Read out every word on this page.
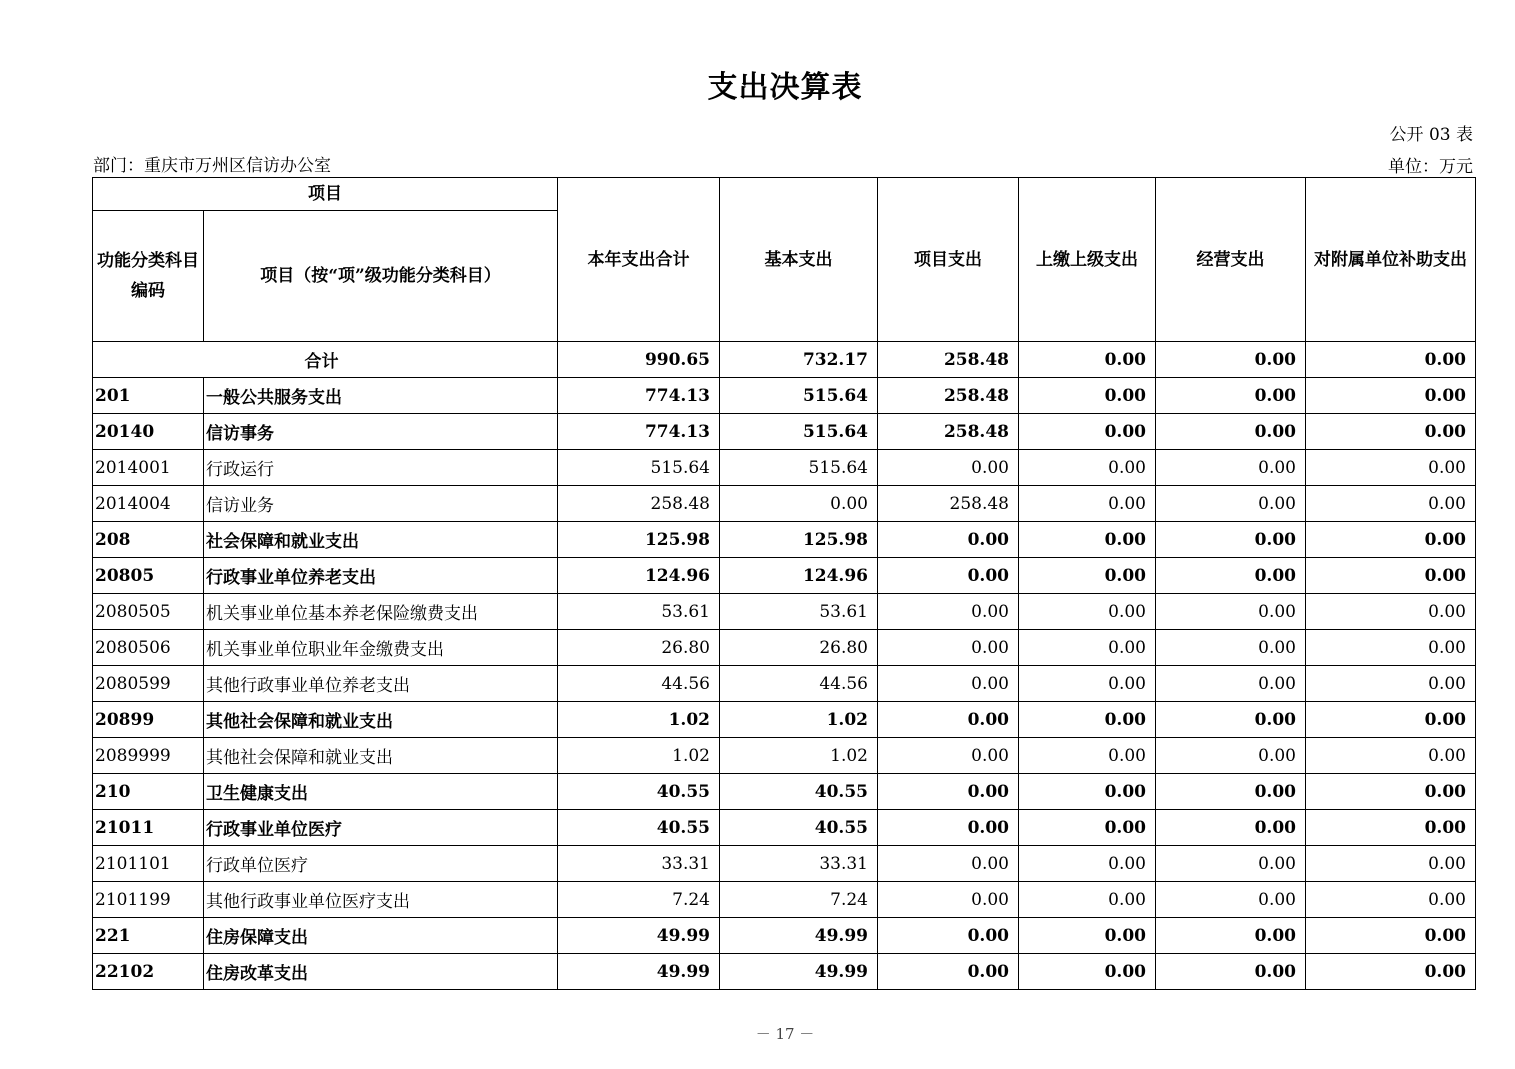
支出决算表
公开 03 表
部门：重庆市万州区信访办公室	单位：万元
项目		本年支出合计	基本支出	项目支出	上缴上级支出	经营支出	对附属单位补助支出
功能分类科目编码	项目（按“项”级功能分类科目）						
合计		990.65	732.17	258.48	0.00	0.00	0.00
201	一般公共服务支出	774.13	515.64	258.48	0.00	0.00	0.00
20140	信访事务	774.13	515.64	258.48	0.00	0.00	0.00
2014001	行政运行	515.64	515.64	0.00	0.00	0.00	0.00
2014004	信访业务	258.48	0.00	258.48	0.00	0.00	0.00
208	社会保障和就业支出	125.98	125.98	0.00	0.00	0.00	0.00
20805	行政事业单位养老支出	124.96	124.96	0.00	0.00	0.00	0.00
2080505	机关事业单位基本养老保险缴费支出	53.61	53.61	0.00	0.00	0.00	0.00
2080506	机关事业单位职业年金缴费支出	26.80	26.80	0.00	0.00	0.00	0.00
2080599	其他行政事业单位养老支出	44.56	44.56	0.00	0.00	0.00	0.00
20899	其他社会保障和就业支出	1.02	1.02	0.00	0.00	0.00	0.00
2089999	其他社会保障和就业支出	1.02	1.02	0.00	0.00	0.00	0.00
210	卫生健康支出	40.55	40.55	0.00	0.00	0.00	0.00
21011	行政事业单位医疗	40.55	40.55	0.00	0.00	0.00	0.00
2101101	行政单位医疗	33.31	33.31	0.00	0.00	0.00	0.00
2101199	其他行政事业单位医疗支出	7.24	7.24	0.00	0.00	0.00	0.00
221	住房保障支出	49.99	49.99	0.00	0.00	0.00	0.00
22102	住房改革支出	49.99	49.99	0.00	0.00	0.00	0.00
－ 17 －
